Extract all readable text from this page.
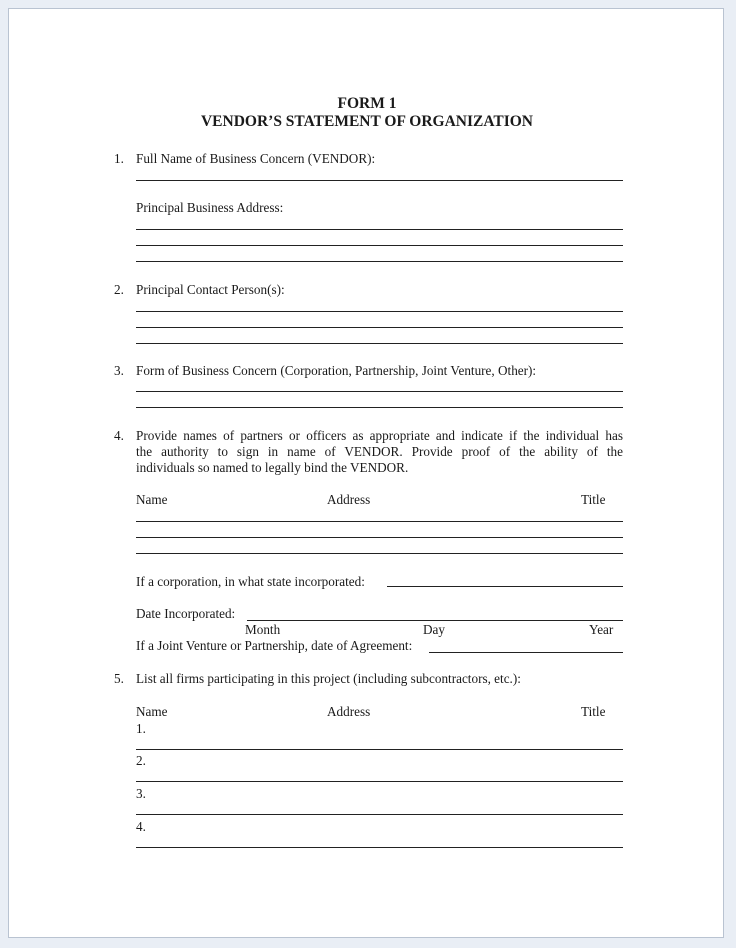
FORM 1
VENDOR’S STATEMENT OF ORGANIZATION
1. Full Name of Business Concern (VENDOR):
Principal Business Address:
2. Principal Contact Person(s):
3. Form of Business Concern (Corporation, Partnership, Joint Venture, Other):
4. Provide names of partners or officers as appropriate and indicate if the individual has
the authority to sign in name of VENDOR. Provide proof of the ability of the
individuals so named to legally bind the VENDOR.
Name	Address	Title
If a corporation, in what state incorporated:
Date Incorporated:
Month	Day	Year
If a Joint Venture or Partnership, date of Agreement:
5. List all firms participating in this project (including subcontractors, etc.):
Name	Address	Title
1.
2.
3.
4.
